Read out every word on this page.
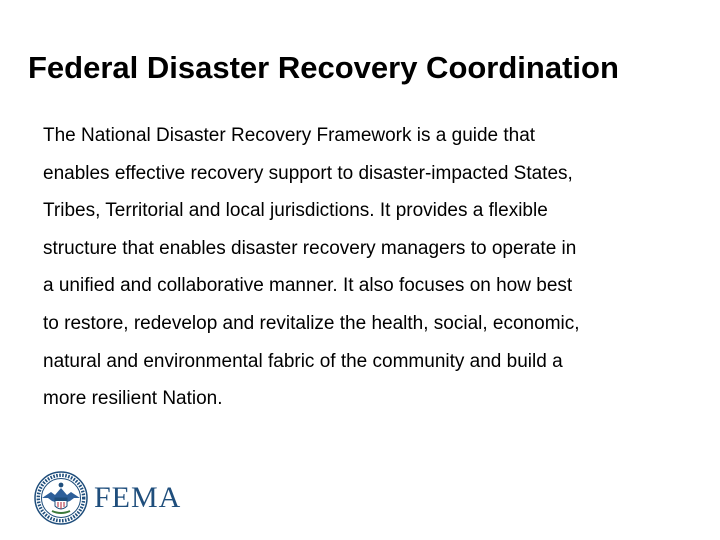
Federal Disaster Recovery Coordination
The National Disaster Recovery Framework is a guide that
enables effective recovery support to disaster-impacted States,
Tribes, Territorial and local jurisdictions. It provides a flexible
structure that enables disaster recovery managers to operate in
a unified and collaborative manner. It also focuses on how best
to restore, redevelop and revitalize the health, social, economic,
natural and environmental fabric of the community and build a
more resilient Nation.
FEMA
